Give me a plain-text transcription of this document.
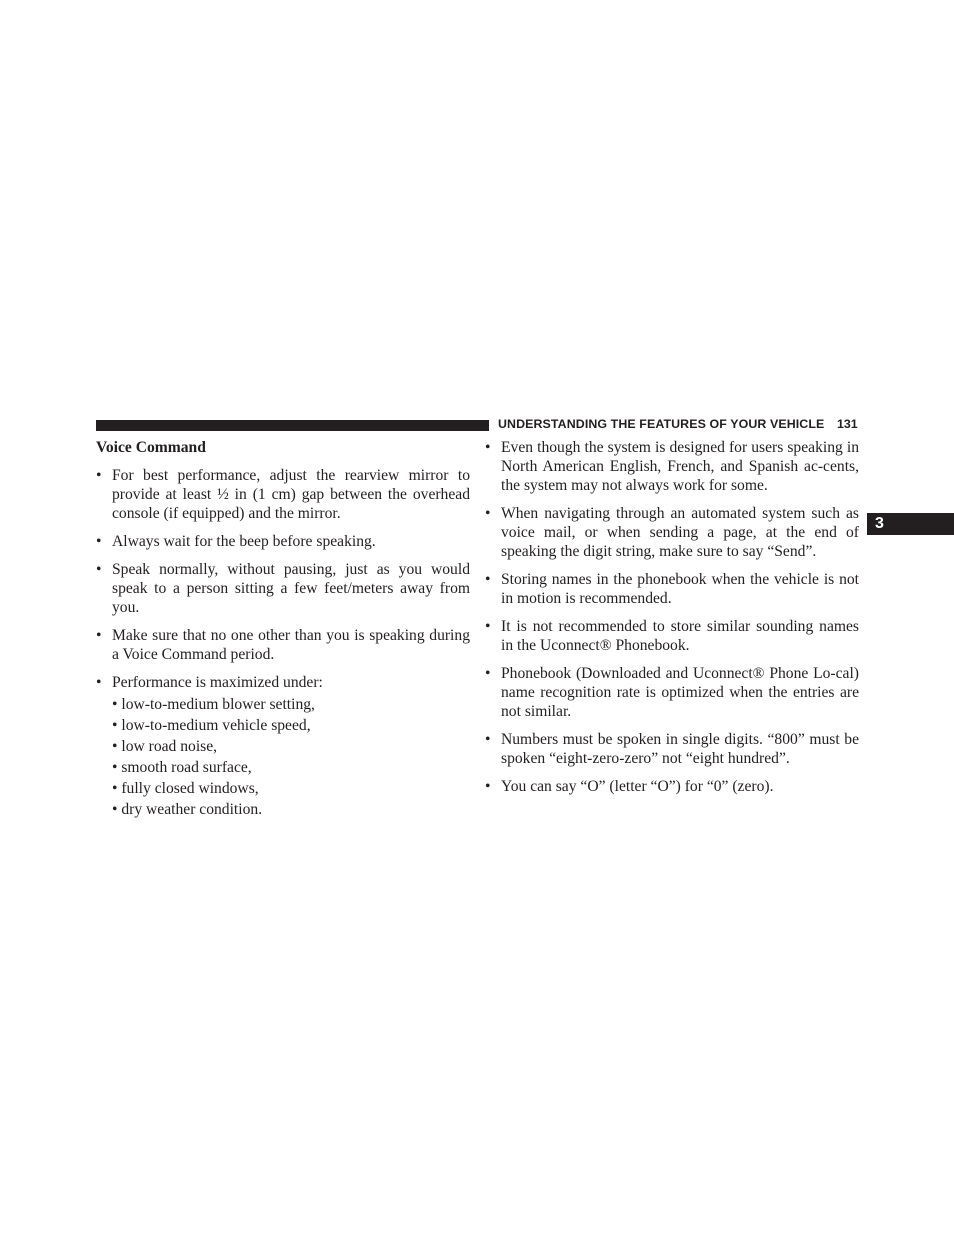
UNDERSTANDING THE FEATURES OF YOUR VEHICLE 131
3
Voice Command
• For best performance, adjust the rearview mirror to provide at least ½ in (1 cm) gap between the overhead console (if equipped) and the mirror.
• Always wait for the beep before speaking.
• Speak normally, without pausing, just as you would speak to a person sitting a few feet/meters away from you.
• Make sure that no one other than you is speaking during a Voice Command period.
• Performance is maximized under:
• low-to-medium blower setting,
• low-to-medium vehicle speed,
• low road noise,
• smooth road surface,
• fully closed windows,
• dry weather condition.
• Even though the system is designed for users speaking in North American English, French, and Spanish ac-cents, the system may not always work for some.
• When navigating through an automated system such as voice mail, or when sending a page, at the end of speaking the digit string, make sure to say “Send”.
• Storing names in the phonebook when the vehicle is not in motion is recommended.
• It is not recommended to store similar sounding names in the Uconnect® Phonebook.
• Phonebook (Downloaded and Uconnect® Phone Lo-cal) name recognition rate is optimized when the entries are not similar.
• Numbers must be spoken in single digits. “800” must be spoken “eight-zero-zero” not “eight hundred”.
• You can say “O” (letter “O”) for “0” (zero).
